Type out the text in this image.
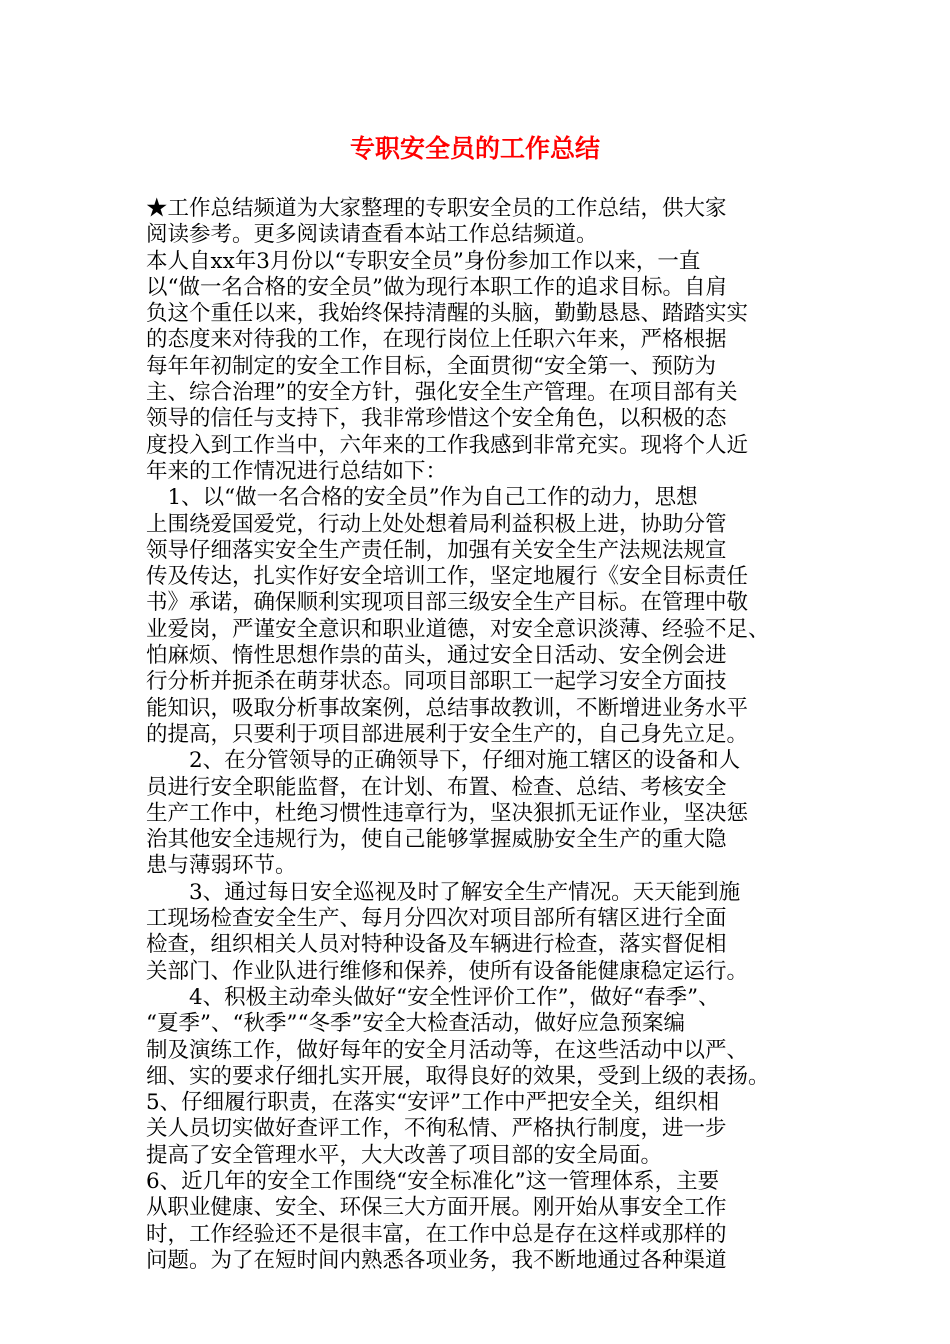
专职安全员的工作总结

★工作总结频道为大家整理的专职安全员的工作总结，供大家

阅读参考。更多阅读请查看本站工作总结频道。

本人自xx年3月份以“专职安全员”身份参加工作以来，一直

以“做一名合格的安全员”做为现行本职工作的追求目标。自肩

负这个重任以来，我始终保持清醒的头脑，勤勤恳恳、踏踏实实

的态度来对待我的工作，在现行岗位上任职六年来，严格根据

每年年初制定的安全工作目标，全面贯彻“安全第一、预防为

主、综合治理”的安全方针，强化安全生产管理。在项目部有关

领导的信任与支持下，我非常珍惜这个安全角色，以积极的态

度投入到工作当中，六年来的工作我感到非常充实。现将个人近

年来的工作情况进行总结如下：

　1、以“做一名合格的安全员”作为自己工作的动力，思想

上围绕爱国爱党，行动上处处想着局利益积极上进，协助分管

领导仔细落实安全生产责任制，加强有关安全生产法规法规宣

传及传达，扎实作好安全培训工作，坚定地履行《安全目标责任

书》承诺，确保顺利实现项目部三级安全生产目标。在管理中敬

业爱岗，严谨安全意识和职业道德，对安全意识淡薄、经验不足、

怕麻烦、惰性思想作祟的苗头，通过安全日活动、安全例会进

行分析并扼杀在萌芽状态。同项目部职工一起学习安全方面技

能知识，吸取分析事故案例，总结事故教训，不断增进业务水平

的提高，只要利于项目部进展利于安全生产的，自己身先立足。

　　2、在分管领导的正确领导下，仔细对施工辖区的设备和人

员进行安全职能监督，在计划、布置、检查、总结、考核安全

生产工作中，杜绝习惯性违章行为，坚决狠抓无证作业，坚决惩

治其他安全违规行为，使自己能够掌握威胁安全生产的重大隐

患与薄弱环节。

　　3、通过每日安全巡视及时了解安全生产情况。天天能到施

工现场检查安全生产、每月分四次对项目部所有辖区进行全面

检查，组织相关人员对特种设备及车辆进行检查，落实督促相

关部门、作业队进行维修和保养，使所有设备能健康稳定运行。

　　4、积极主动牵头做好“安全性评价工作”，做好“春季”、

“夏季”、“秋季”“冬季”安全大检查活动，做好应急预案编

制及演练工作，做好每年的安全月活动等，在这些活动中以严、

细、实的要求仔细扎实开展，取得良好的效果，受到上级的表扬。

5、仔细履行职责，在落实“安评”工作中严把安全关，组织相

关人员切实做好查评工作，不徇私情、严格执行制度，进一步

提高了安全管理水平，大大改善了项目部的安全局面。

6、近几年的安全工作围绕“安全标准化”这一管理体系，主要

从职业健康、安全、环保三大方面开展。刚开始从事安全工作

时，工作经验还不是很丰富，在工作中总是存在这样或那样的

问题。为了在短时间内熟悉各项业务，我不断地通过各种渠道
